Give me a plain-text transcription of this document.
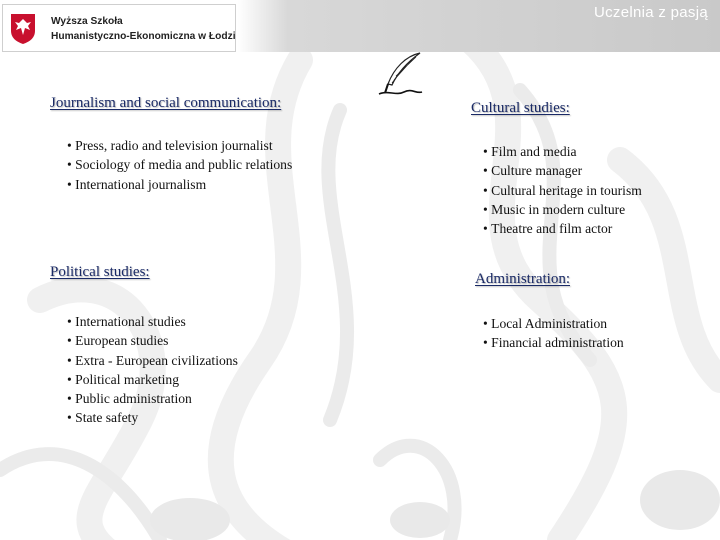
Wyższa Szkoła
Humanistyczno-Ekonomiczna w Łodzi
Uczelnia z pasją
Journalism and social communication:
• Press, radio and television journalist
• Sociology of media and public relations
• International journalism
Cultural studies:
• Film and media
• Culture manager
• Cultural heritage in tourism
• Music in modern culture
• Theatre and film actor
Political studies:
• International studies
• European studies
• Extra - European civilizations
• Political marketing
• Public administration
• State safety
Administration:
• Local Administration
• Financial administration
